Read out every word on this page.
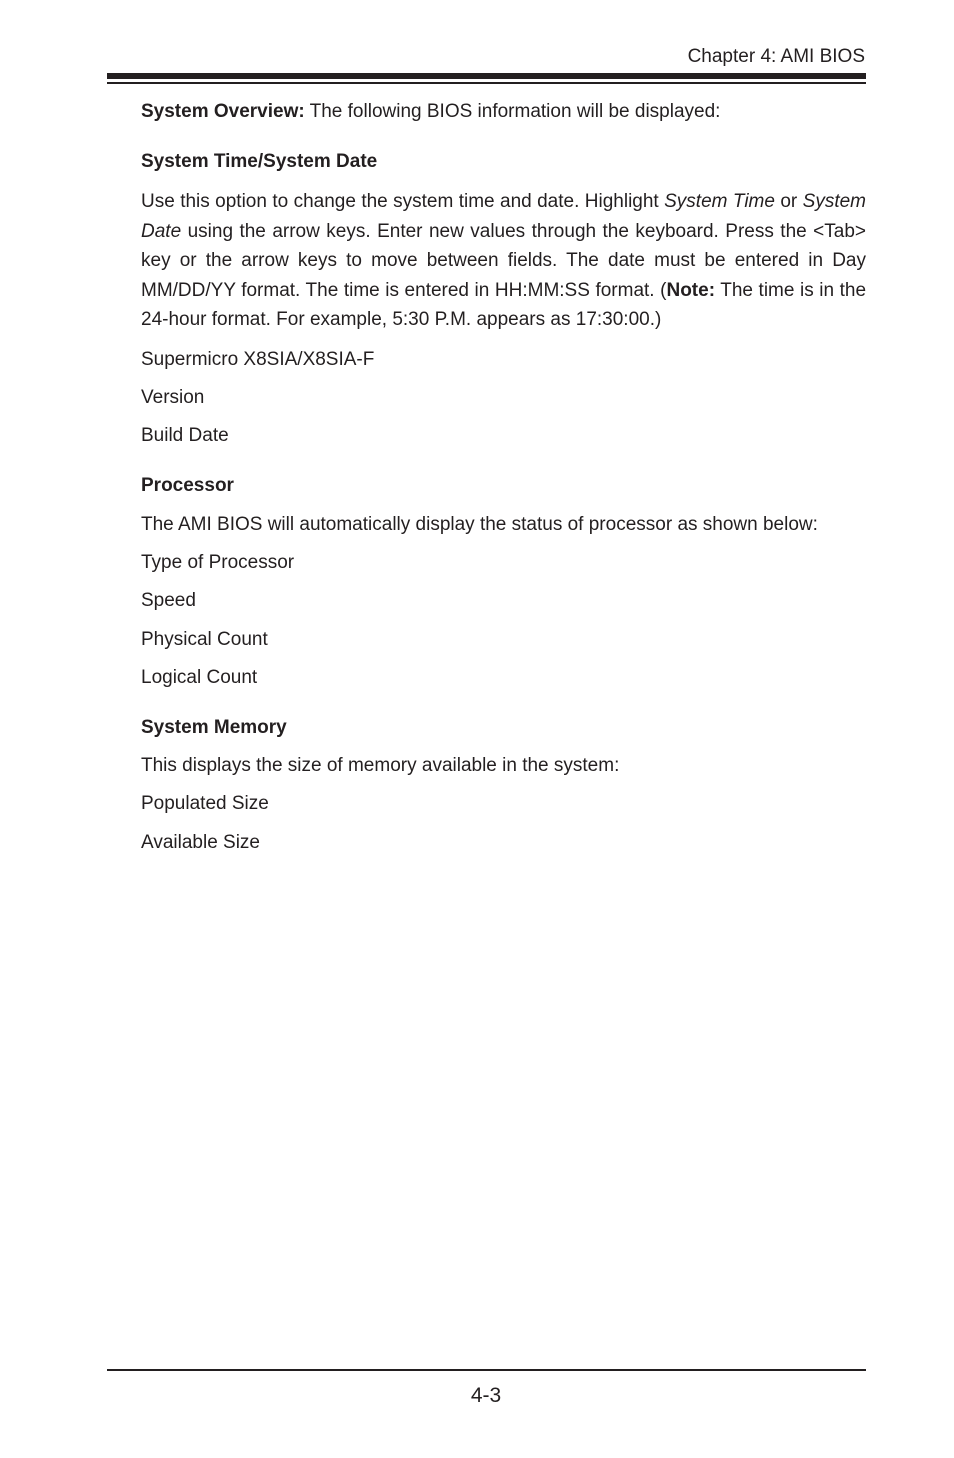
Chapter 4: AMI BIOS
System Overview: The following BIOS information will be displayed:
System Time/System Date
Use this option to change the system time and date. Highlight System Time or System Date using the arrow keys. Enter new values through the keyboard. Press the <Tab> key or the arrow keys to move between fields. The date must be entered in Day MM/DD/YY format. The time is entered in HH:MM:SS format. (Note: The time is in the 24-hour format. For example, 5:30 P.M. appears as 17:30:00.)
Supermicro X8SIA/X8SIA-F
Version
Build Date
Processor
The AMI BIOS will automatically display the status of processor as shown below:
Type of Processor
Speed
Physical Count
Logical Count
System Memory
This displays the size of memory available in the system:
Populated Size
Available Size
4-3
